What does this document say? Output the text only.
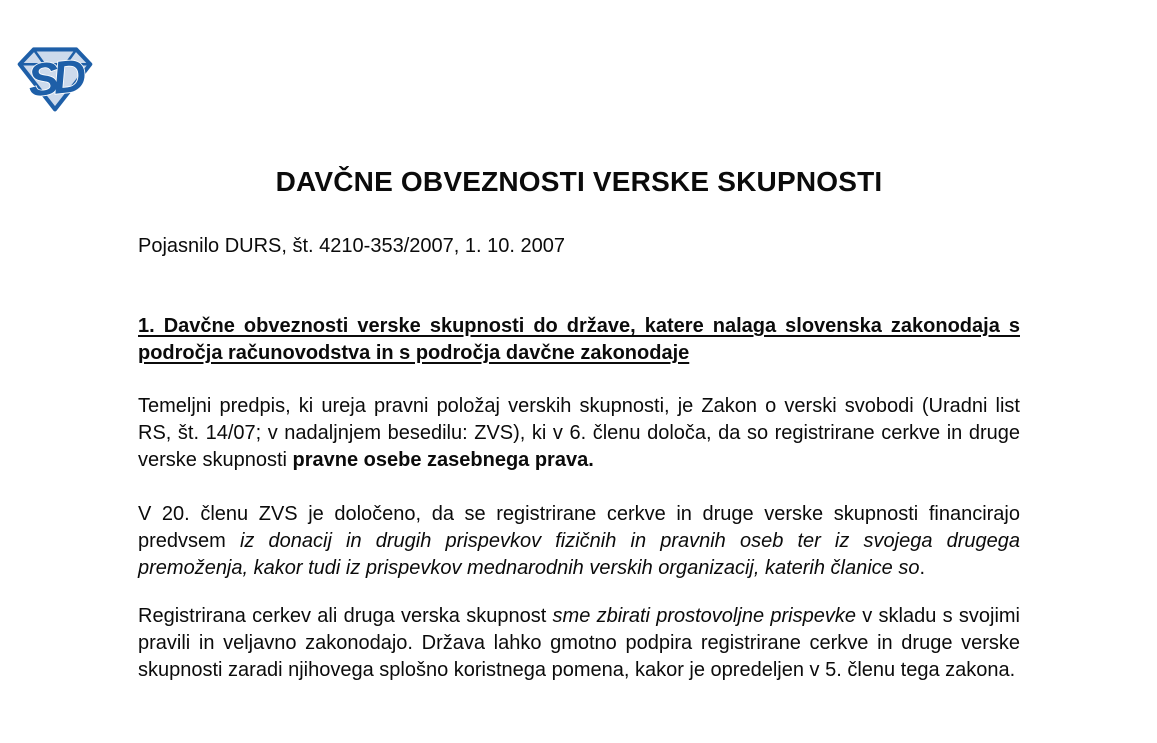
SD
DAVČNE OBVEZNOSTI VERSKE SKUPNOSTI
Pojasnilo DURS, št. 4210-353/2007, 1. 10. 2007
1. Davčne obveznosti verske skupnosti do države, katere nalaga slovenska zakonodaja s področja računovodstva in s področja davčne zakonodaje

Temeljni predpis, ki ureja pravni položaj verskih skupnosti, je Zakon o verski svobodi (Uradni list RS, št. 14/07; v nadaljnjem besedilu: ZVS), ki v 6. členu določa, da so registrirane cerkve in druge verske skupnosti pravne osebe zasebnega prava.

V 20. členu ZVS je določeno, da se registrirane cerkve in druge verske skupnosti financirajo predvsem iz donacij in drugih prispevkov fizičnih in pravnih oseb ter iz svojega drugega premoženja, kakor tudi iz prispevkov mednarodnih verskih organizacij, katerih članice so.

Registrirana cerkev ali druga verska skupnost sme zbirati prostovoljne prispevke v skladu s svojimi pravili in veljavno zakonodajo. Država lahko gmotno podpira registrirane cerkve in druge verske skupnosti zaradi njihovega splošno koristnega pomena, kakor je opredeljen v 5. členu tega zakona.
